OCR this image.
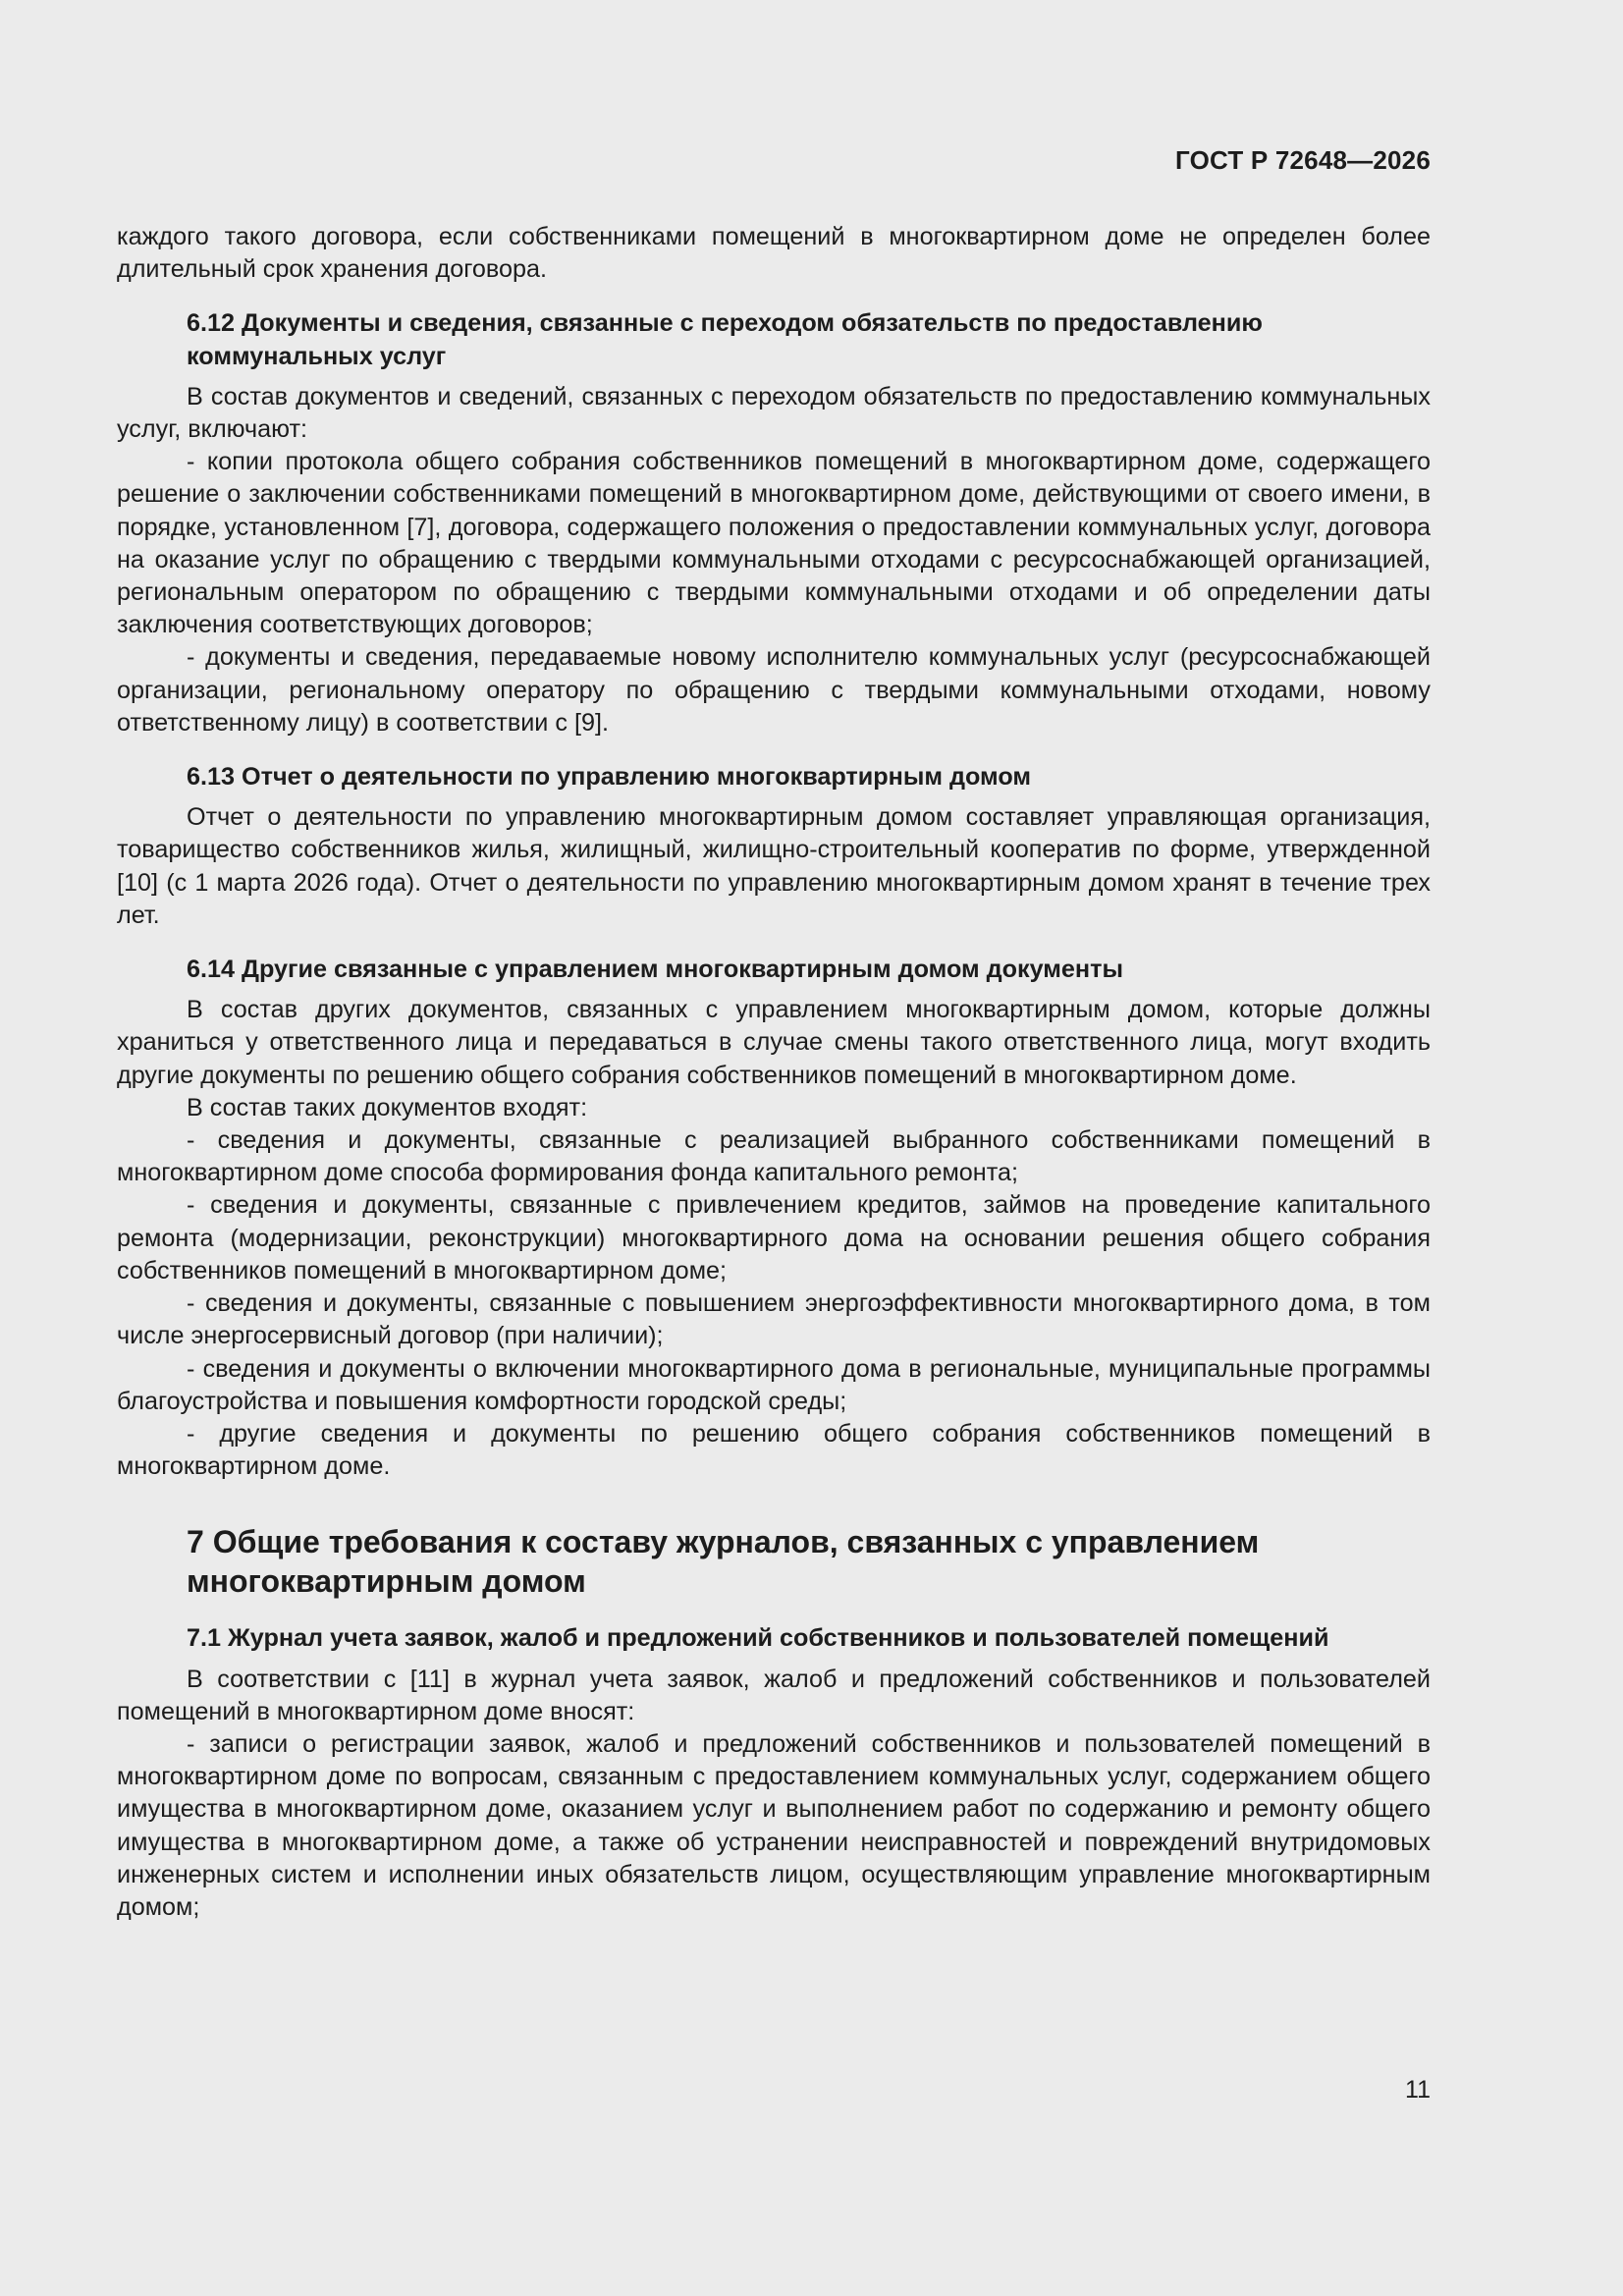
ГОСТ Р 72648—2026

каждого такого договора, если собственниками помещений в многоквартирном доме не определен более длительный срок хранения договора.

6.12 Документы и сведения, связанные с переходом обязательств по предоставлению коммунальных услуг

В состав документов и сведений, связанных с переходом обязательств по предоставлению коммунальных услуг, включают:

- копии протокола общего собрания собственников помещений в многоквартирном доме, содержащего решение о заключении собственниками помещений в многоквартирном доме, действующими от своего имени, в порядке, установленном [7], договора, содержащего положения о предоставлении коммунальных услуг, договора на оказание услуг по обращению с твердыми коммунальными отходами с ресурсоснабжающей организацией, региональным оператором по обращению с твердыми коммунальными отходами и об определении даты заключения соответствующих договоров;

- документы и сведения, передаваемые новому исполнителю коммунальных услуг (ресурсоснабжающей организации, региональному оператору по обращению с твердыми коммунальными отходами, новому ответственному лицу) в соответствии с [9].

6.13 Отчет о деятельности по управлению многоквартирным домом

Отчет о деятельности по управлению многоквартирным домом составляет управляющая организация, товарищество собственников жилья, жилищный, жилищно-строительный кооператив по форме, утвержденной [10] (с 1 марта 2026 года). Отчет о деятельности по управлению многоквартирным домом хранят в течение трех лет.

6.14 Другие связанные с управлением многоквартирным домом документы

В состав других документов, связанных с управлением многоквартирным домом, которые должны храниться у ответственного лица и передаваться в случае смены такого ответственного лица, могут входить другие документы по решению общего собрания собственников помещений в многоквартирном доме.

В состав таких документов входят:

- сведения и документы, связанные с реализацией выбранного собственниками помещений в многоквартирном доме способа формирования фонда капитального ремонта;

- сведения и документы, связанные с привлечением кредитов, займов на проведение капитального ремонта (модернизации, реконструкции) многоквартирного дома на основании решения общего собрания собственников помещений в многоквартирном доме;

- сведения и документы, связанные с повышением энергоэффективности многоквартирного дома, в том числе энергосервисный договор (при наличии);

- сведения и документы о включении многоквартирного дома в региональные, муниципальные программы благоустройства и повышения комфортности городской среды;

- другие сведения и документы по решению общего собрания собственников помещений в многоквартирном доме.

7 Общие требования к составу журналов, связанных с управлением многоквартирным домом
7.1 Журнал учета заявок, жалоб и предложений собственников и пользователей помещений

В соответствии с [11] в журнал учета заявок, жалоб и предложений собственников и пользователей помещений в многоквартирном доме вносят:

- записи о регистрации заявок, жалоб и предложений собственников и пользователей помещений в многоквартирном доме по вопросам, связанным с предоставлением коммунальных услуг, содержанием общего имущества в многоквартирном доме, оказанием услуг и выполнением работ по содержанию и ремонту общего имущества в многоквартирном доме, а также об устранении неисправностей и повреждений внутридомовых инженерных систем и исполнении иных обязательств лицом, осуществляющим управление многоквартирным домом;

11
